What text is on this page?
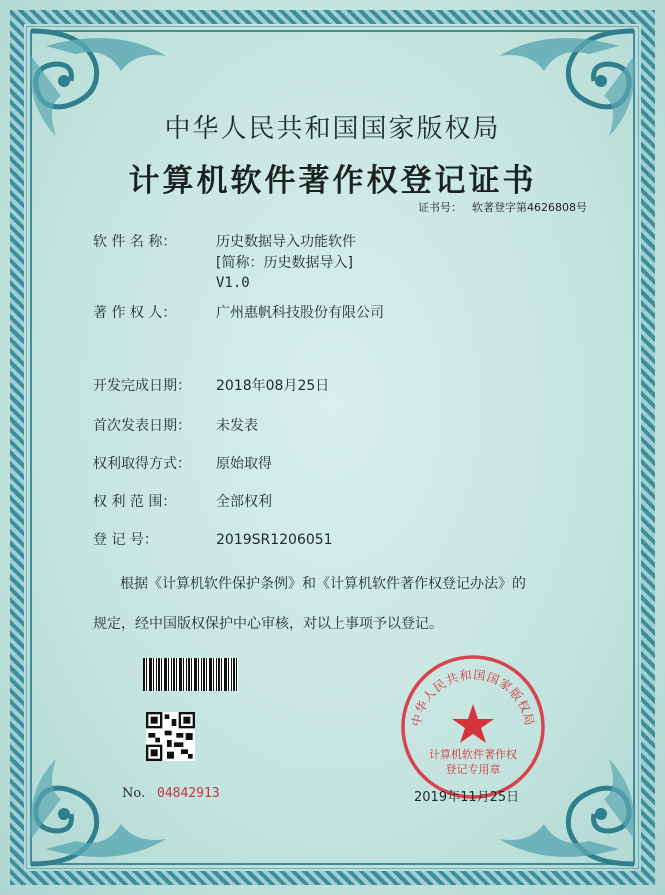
中华人民共和国国家版权局
计算机软件著作权登记证书
证书号： 软著登字第4626808号
软 件 名 称：	历史数据导入功能软件
[简称：历史数据导入]
V1.0
著 作 权 人：	广州惠帆科技股份有限公司
开发完成日期： 2018年08月25日
首次发表日期： 未发表
权利取得方式： 原始取得
权 利 范 围：	全部权利
登 记 号：	2019SR1206051
根据《计算机软件保护条例》和《计算机软件著作权登记办法》的
规定，经中国版权保护中心审核，对以上事项予以登记。
No. 04842913
中华人民共和国国家版权局
计算机软件著作权
登记专用章
2019年11月25日
